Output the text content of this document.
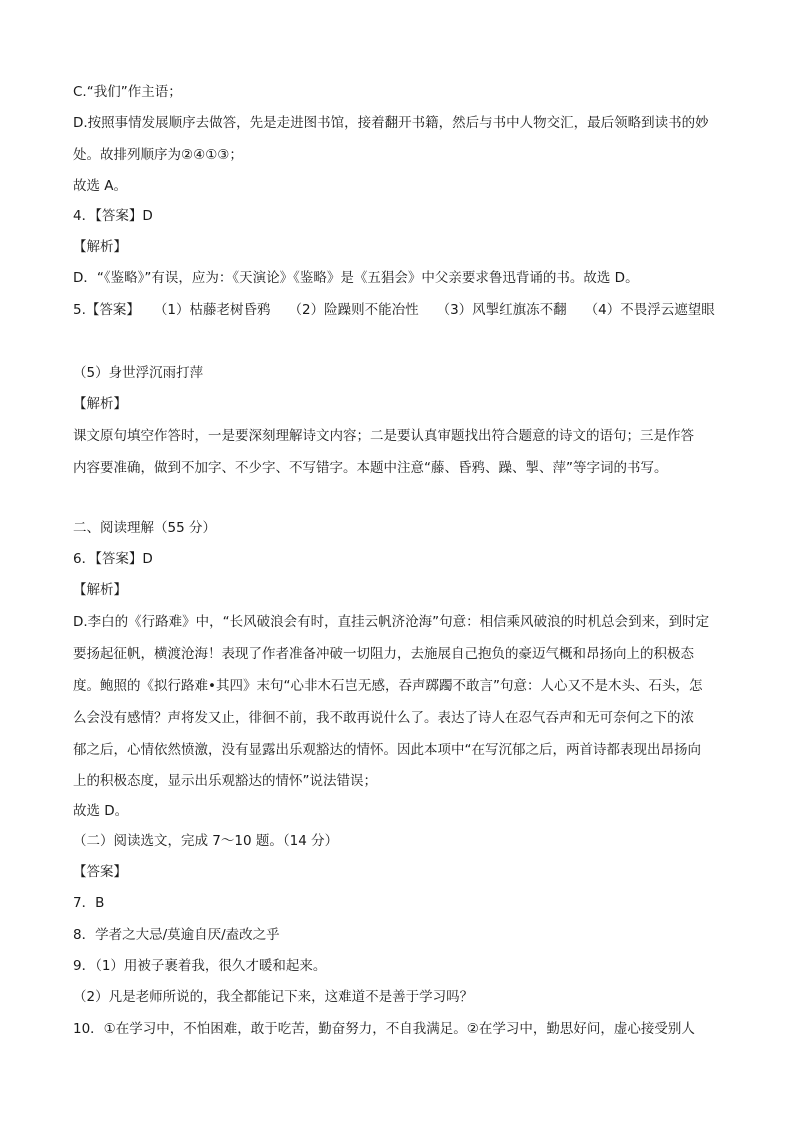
C.“我们”作主语；
D.按照事情发展顺序去做答，先是走进图书馆，接着翻开书籍，然后与书中人物交汇，最后领略到读书的妙
处。故排列顺序为②④①③；
故选 A。
4．【答案】D
【解析】
D．“《鉴略》”有误，应为：《天演论》《鉴略》是《五猖会》中父亲要求鲁迅背诵的书。故选 D。
5.【答案】 （1）枯藤老树昏鸦 （2）险躁则不能冶性 （3）风掣红旗冻不翻 （4）不畏浮云遮望眼
（5）身世浮沉雨打萍
【解析】
课文原句填空作答时，一是要深刻理解诗文内容；二是要认真审题找出符合题意的诗文的语句；三是作答
内容要准确，做到不加字、不少字、不写错字。本题中注意“藤、昏鸦、躁、掣、萍”等字词的书写。
二、阅读理解（55 分）
6．【答案】D
【解析】
D.李白的《行路难》中，“长风破浪会有时，直挂云帆济沧海”句意：相信乘风破浪的时机总会到来，到时定
要扬起征帆，横渡沧海！表现了作者准备冲破一切阻力，去施展自己抱负的豪迈气概和昂扬向上的积极态
度。鲍照的《拟行路难•其四》末句“心非木石岂无感，吞声踯躅不敢言”句意：人心又不是木头、石头，怎
么会没有感情？声将发又止，徘徊不前，我不敢再说什么了。表达了诗人在忍气吞声和无可奈何之下的浓
郁之后，心情依然愤激，没有显露出乐观豁达的情怀。因此本项中“在写沉郁之后，两首诗都表现出昂扬向
上的积极态度，显示出乐观豁达的情怀”说法错误；
故选 D。
（二）阅读选文，完成 7～10 题。（14 分）
【答案】
7．B
8．学者之大忌/莫逾自厌/盍改之乎
9．（1）用被子裹着我，很久才暖和起来。
（2）凡是老师所说的，我全都能记下来，这难道不是善于学习吗？
10．①在学习中，不怕困难，敢于吃苦，勤奋努力，不自我满足。②在学习中，勤思好问，虚心接受别人
